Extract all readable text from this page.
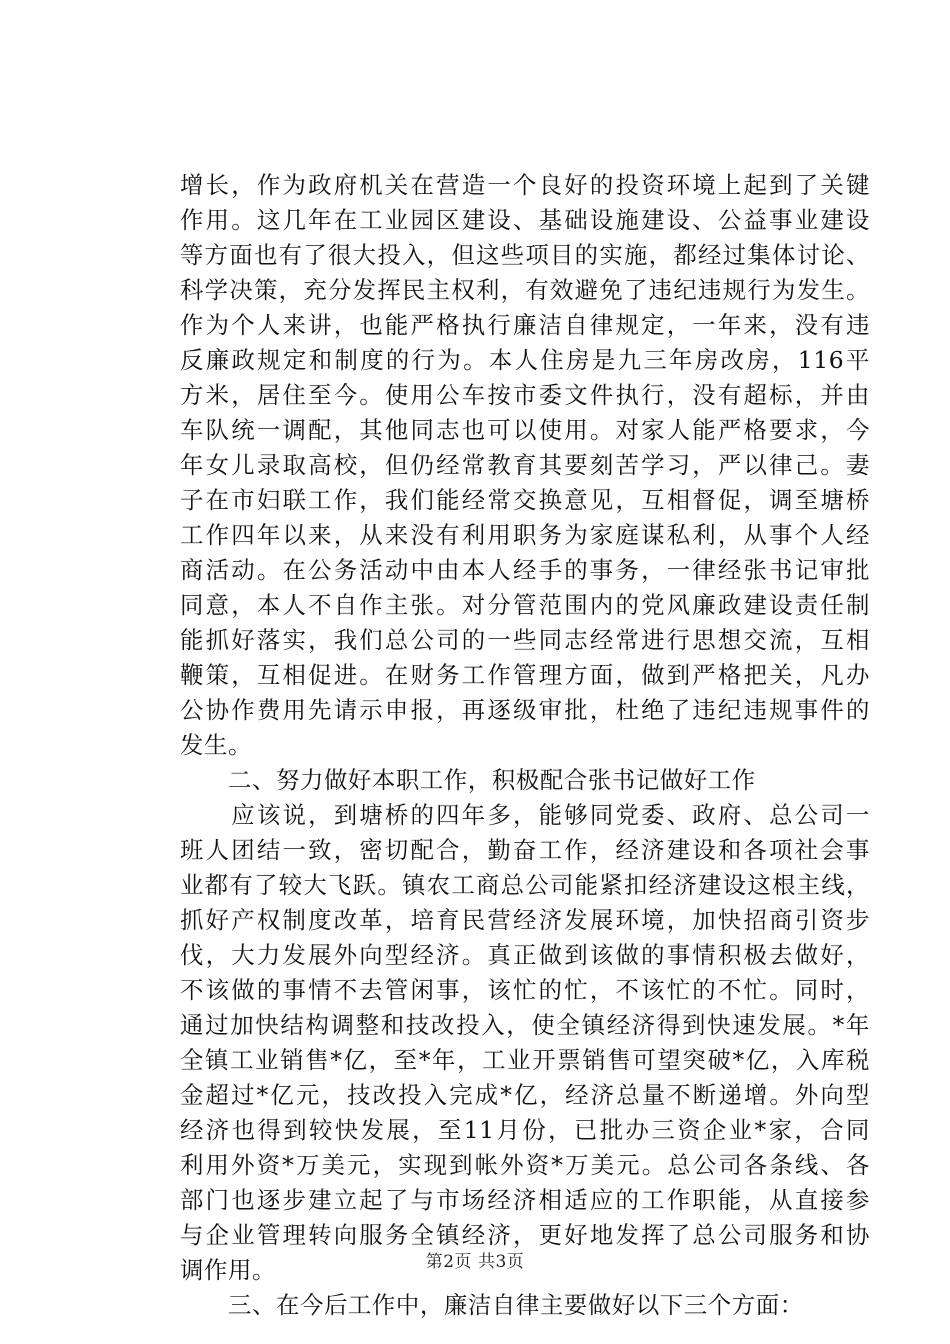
增长，作为政府机关在营造一个良好的投资环境上起到了关键
作用。这几年在工业园区建设、基础设施建设、公益事业建设
等方面也有了很大投入，但这些项目的实施，都经过集体讨论、
科学决策，充分发挥民主权利，有效避免了违纪违规行为发生。
作为个人来讲，也能严格执行廉洁自律规定，一年来，没有违
反廉政规定和制度的行为。本人住房是九三年房改房，116平
方米，居住至今。使用公车按市委文件执行，没有超标，并由
车队统一调配，其他同志也可以使用。对家人能严格要求，今
年女儿录取高校，但仍经常教育其要刻苦学习，严以律己。妻
子在市妇联工作，我们能经常交换意见，互相督促，调至塘桥
工作四年以来，从来没有利用职务为家庭谋私利，从事个人经
商活动。在公务活动中由本人经手的事务，一律经张书记审批
同意，本人不自作主张。对分管范围内的党风廉政建设责任制
能抓好落实，我们总公司的一些同志经常进行思想交流，互相
鞭策，互相促进。在财务工作管理方面，做到严格把关，凡办
公协作费用先请示申报，再逐级审批，杜绝了违纪违规事件的
发生。
　　二、努力做好本职工作，积极配合张书记做好工作
　　应该说，到塘桥的四年多，能够同党委、政府、总公司一
班人团结一致，密切配合，勤奋工作，经济建设和各项社会事
业都有了较大飞跃。镇农工商总公司能紧扣经济建设这根主线，
抓好产权制度改革，培育民营经济发展环境，加快招商引资步
伐，大力发展外向型经济。真正做到该做的事情积极去做好，
不该做的事情不去管闲事，该忙的忙，不该忙的不忙。同时，
通过加快结构调整和技改投入，使全镇经济得到快速发展。*年
全镇工业销售*亿，至*年，工业开票销售可望突破*亿，入库税
金超过*亿元，技改投入完成*亿，经济总量不断递增。外向型
经济也得到较快发展，至11月份，已批办三资企业*家，合同
利用外资*万美元，实现到帐外资*万美元。总公司各条线、各
部门也逐步建立起了与市场经济相适应的工作职能，从直接参
与企业管理转向服务全镇经济，更好地发挥了总公司服务和协
调作用。
　　三、在今后工作中，廉洁自律主要做好以下三个方面：
第2页 共3页
